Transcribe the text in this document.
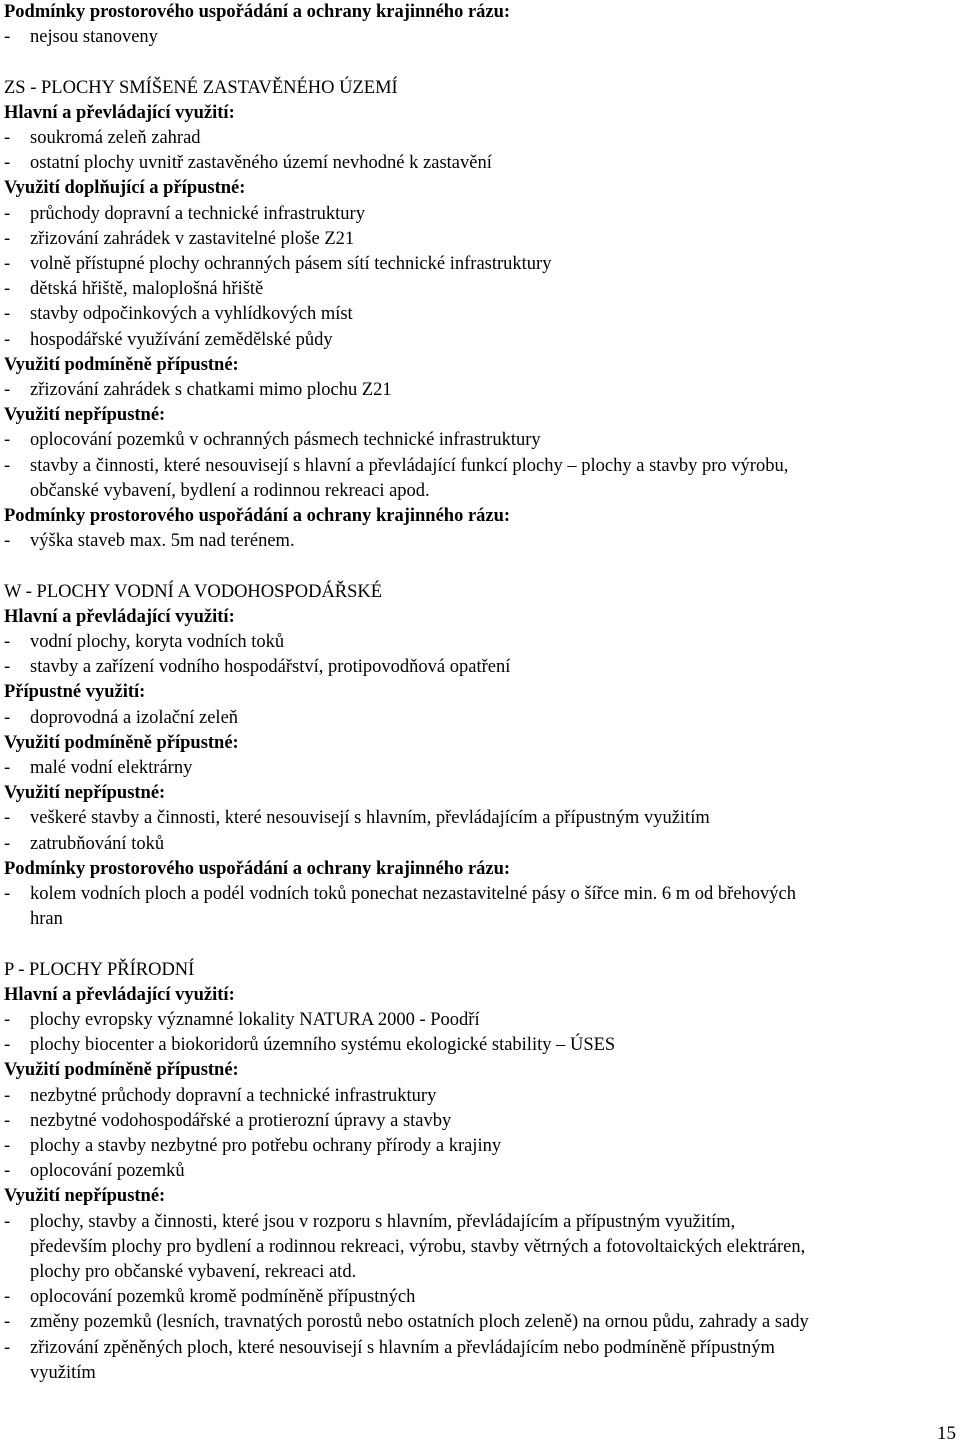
Podmínky prostorového uspořádání a ochrany krajinného rázu:
- nejsou stanoveny
ZS - PLOCHY SMÍŠENÉ ZASTAVĚNÉHO ÚZEMÍ
Hlavní a převládající využití:
- soukromá zeleň zahrad
- ostatní plochy uvnitř zastavěného území nevhodné k zastavění
Využití doplňující a přípustné:
- průchody dopravní a technické infrastruktury
- zřizování zahrádek v zastavitelné ploše Z21
- volně přístupné plochy ochranných pásem sítí technické infrastruktury
- dětská hřiště, maloplošná hřiště
- stavby odpočinkových a vyhlídkových míst
- hospodářské využívání zemědělské půdy
Využití podmíněně přípustné:
- zřizování zahrádek s chatkami mimo plochu Z21
Využití nepřípustné:
- oplocování pozemků v ochranných pásmech technické infrastruktury
- stavby a činnosti, které nesouvisejí s hlavní a převládající funkcí plochy – plochy a stavby pro výrobu,
občanské vybavení, bydlení a rodinnou rekreaci apod.
Podmínky prostorového uspořádání a ochrany krajinného rázu:
- výška staveb max. 5m nad terénem.
W - PLOCHY VODNÍ A VODOHOSPODÁŘSKÉ
Hlavní a převládající využití:
- vodní plochy, koryta vodních toků
- stavby a zařízení vodního hospodářství, protipovodňová opatření
Přípustné využití:
- doprovodná a izolační zeleň
Využití podmíněně přípustné:
- malé vodní elektrárny
Využití nepřípustné:
- veškeré stavby a činnosti, které nesouvisejí s hlavním, převládajícím a přípustným využitím
- zatrubňování toků
Podmínky prostorového uspořádání a ochrany krajinného rázu:
- kolem vodních ploch a podél vodních toků ponechat nezastavitelné pásy o šířce min. 6 m od břehových
hran
P - PLOCHY PŘÍRODNÍ
Hlavní a převládající využití:
- plochy evropsky významné lokality NATURA 2000 - Poodří
- plochy biocenter a biokoridorů územního systému ekologické stability – ÚSES
Využití podmíněně přípustné:
- nezbytné průchody dopravní a technické infrastruktury
- nezbytné vodohospodářské a protierozní úpravy a stavby
- plochy a stavby nezbytné pro potřebu ochrany přírody a krajiny
- oplocování pozemků
Využití nepřípustné:
- plochy, stavby a činnosti, které jsou v rozporu s hlavním, převládajícím a přípustným využitím,
především plochy pro bydlení a rodinnou rekreaci, výrobu, stavby větrných a fotovoltaických elektráren,
plochy pro občanské vybavení, rekreaci atd.
- oplocování pozemků kromě podmíněně přípustných
- změny pozemků (lesních, travnatých porostů nebo ostatních ploch zeleně) na ornou půdu, zahrady a sady
- zřizování zpěněných ploch, které nesouvisejí s hlavním a převládajícím nebo podmíněně přípustným
využitím
15
